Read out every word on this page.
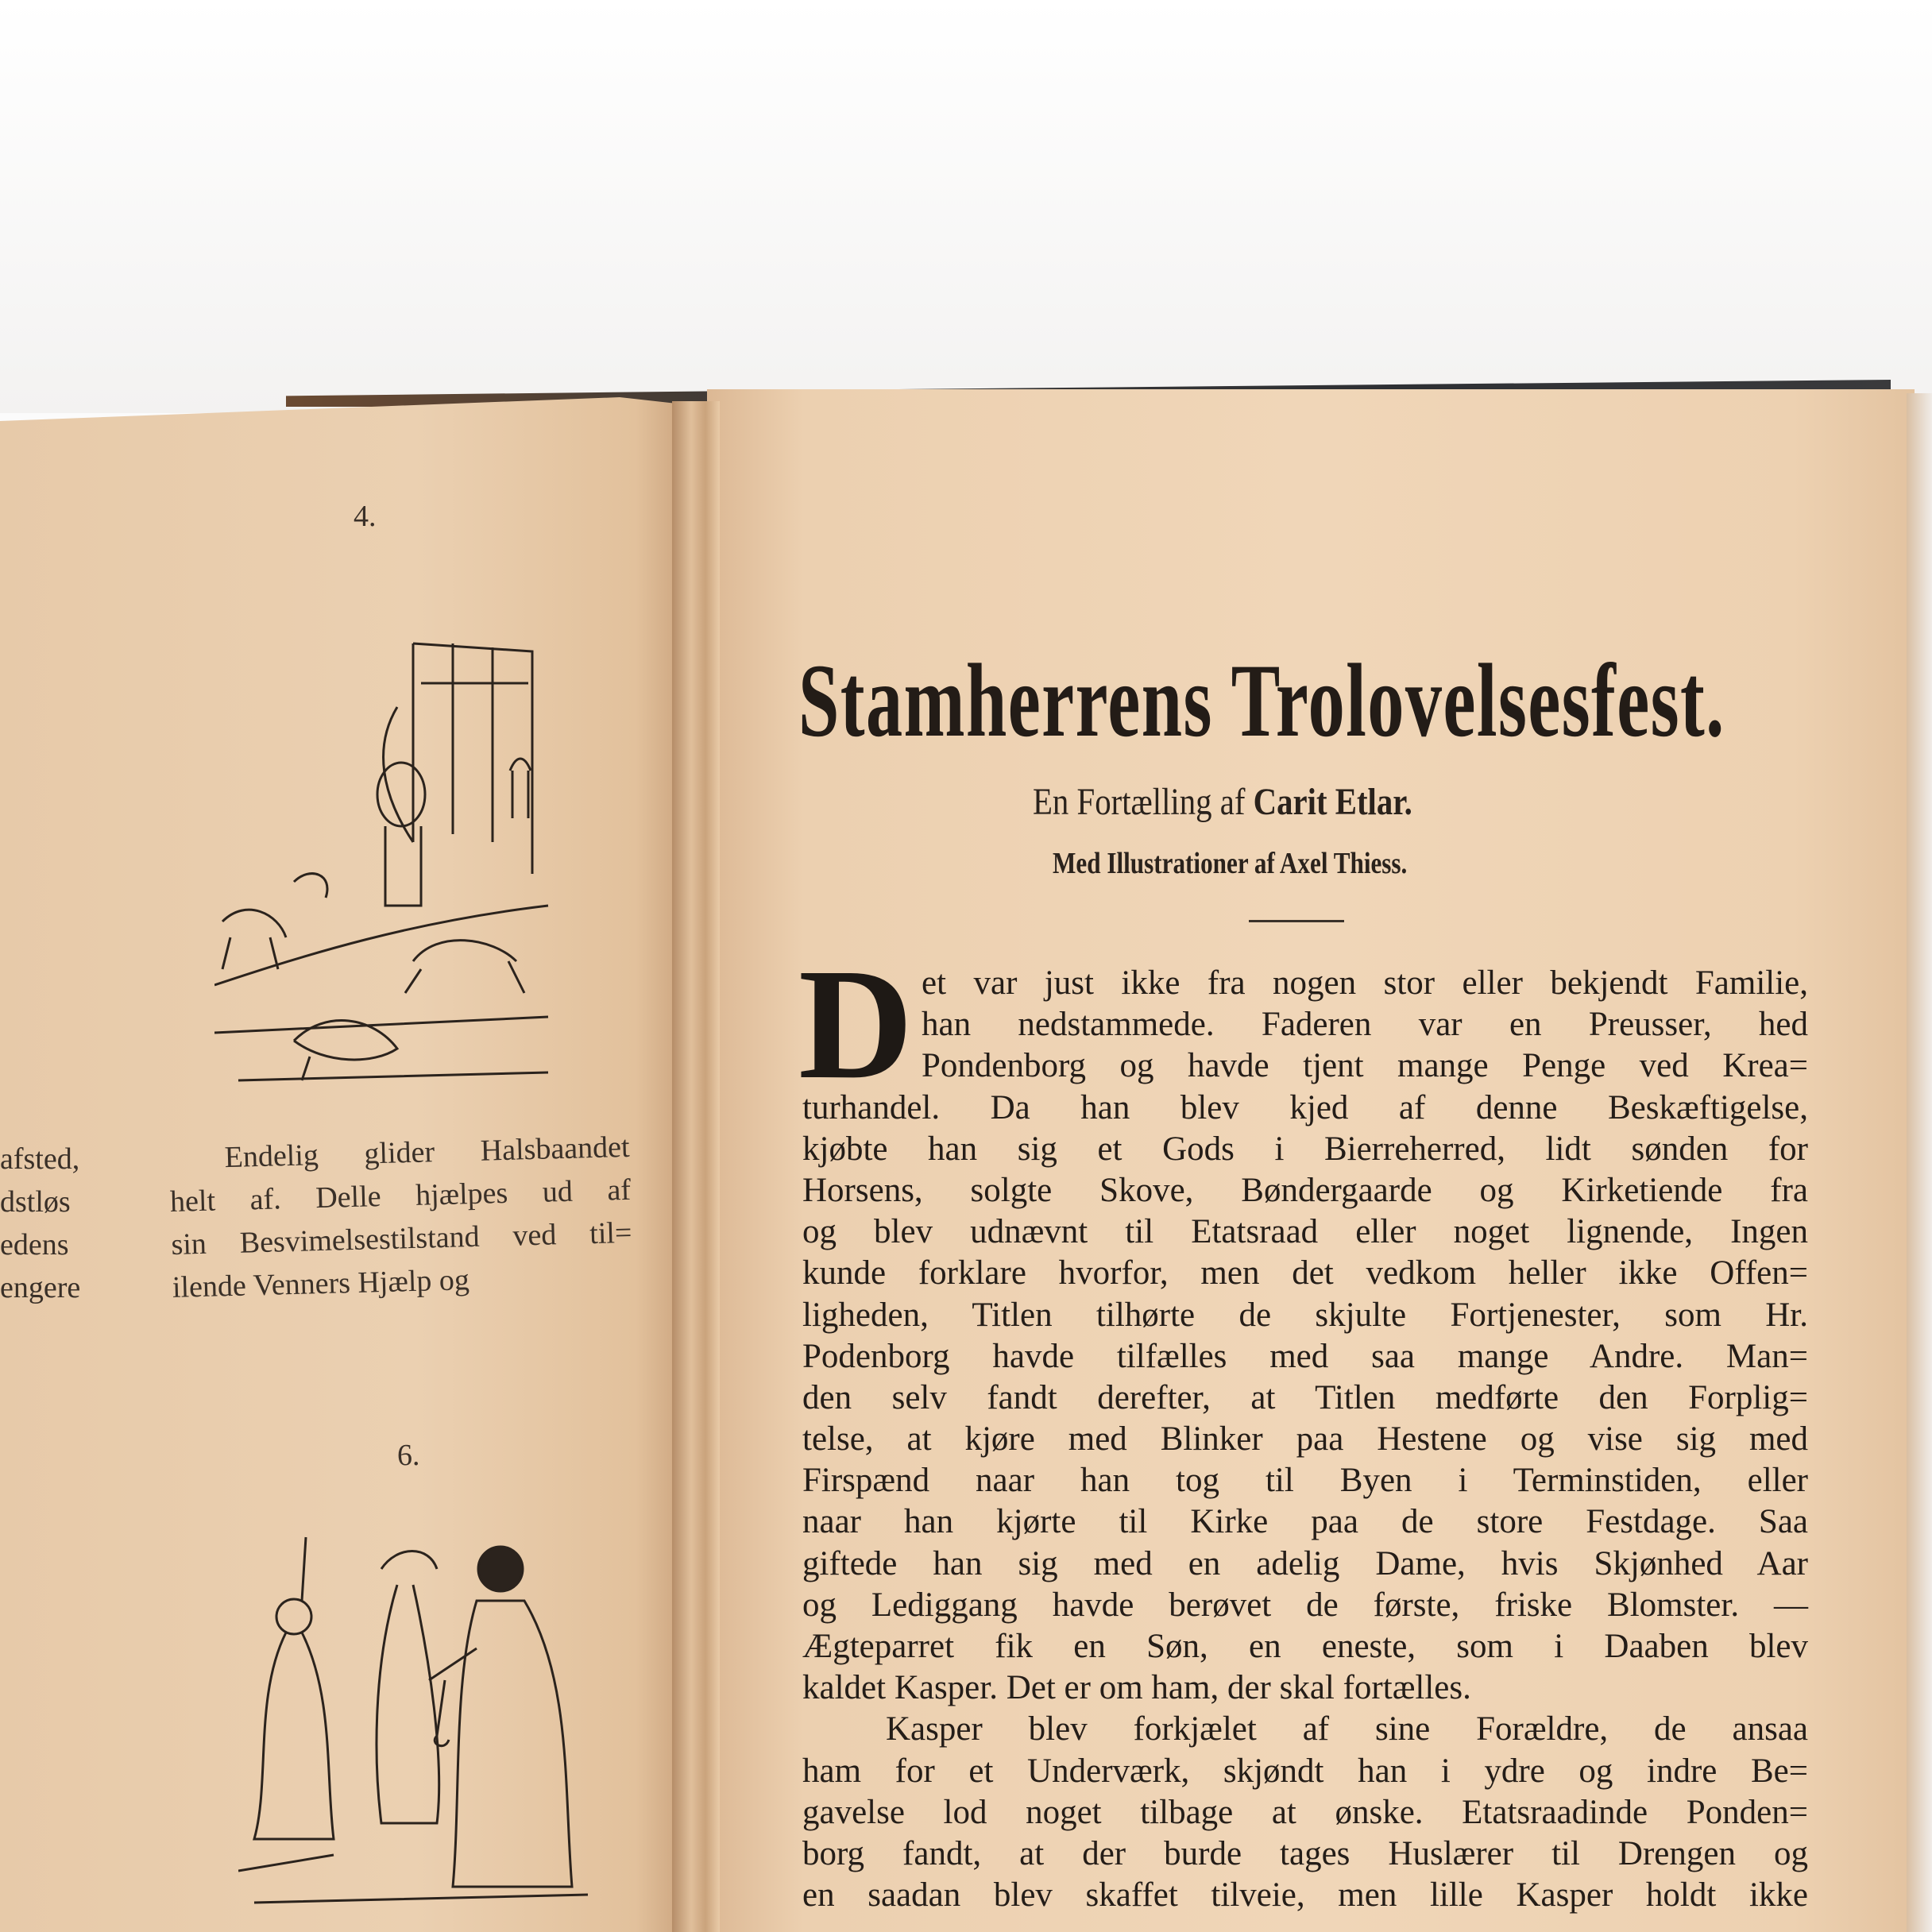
4.
afsted,
dstløs
edens
engere
Endelig glider Halsbaandet
helt af. Delle hjælpes ud af
sin Besvimelsestilstand ved til=
ilende Venners Hjælp og
6.
Stamherrens Trolovelsesfest.
En Fortælling af Carit Etlar.
Med Illustrationer af Axel Thiess.
D et var just ikke fra nogen stor eller bekjendt Familie,
han nedstammede. Faderen var en Preusser, hed
Pondenborg og havde tjent mange Penge ved Krea=
turhandel. Da han blev kjed af denne Beskæftigelse,
kjøbte han sig et Gods i Bierreherred, lidt sønden for
Horsens, solgte Skove, Bøndergaarde og Kirketiende fra
og blev udnævnt til Etatsraad eller noget lignende, Ingen
kunde forklare hvorfor, men det vedkom heller ikke Offen=
ligheden, Titlen tilhørte de skjulte Fortjenester, som Hr.
Podenborg havde tilfælles med saa mange Andre. Man=
den selv fandt derefter, at Titlen medførte den Forplig=
telse, at kjøre med Blinker paa Hestene og vise sig med
Firspænd naar han tog til Byen i Terminstiden, eller
naar han kjørte til Kirke paa de store Festdage. Saa
giftede han sig med en adelig Dame, hvis Skjønhed Aar
og Lediggang havde berøvet de første, friske Blomster. —
Ægteparret fik en Søn, en eneste, som i Daaben blev
kaldet Kasper. Det er om ham, der skal fortælles.
Kasper blev forkjælet af sine Forældre, de ansaa
ham for et Underværk, skjøndt han i ydre og indre Be=
gavelse lod noget tilbage at ønske. Etatsraadinde Ponden=
borg fandt, at der burde tages Huslærer til Drengen og
en saadan blev skaffet tilveie, men lille Kasper holdt ikke
